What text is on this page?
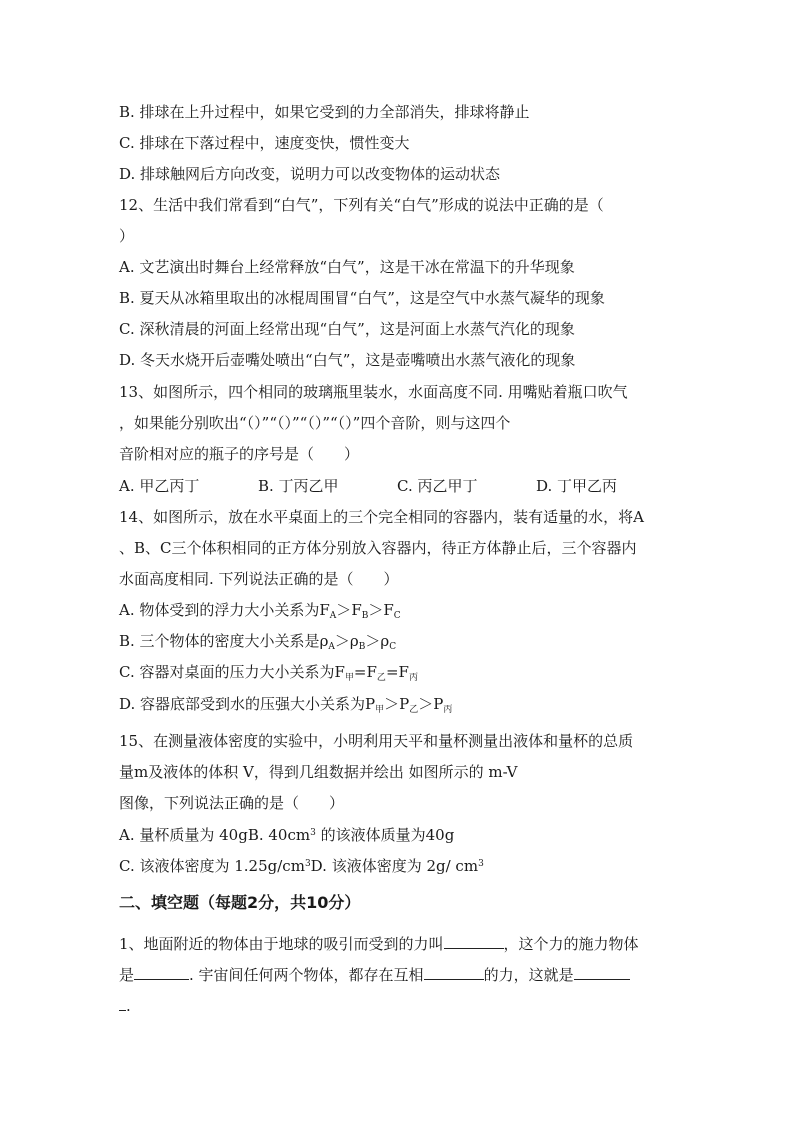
B. 排球在上升过程中，如果它受到的力全部消失，排球将静止
C. 排球在下落过程中，速度变快，惯性变大
D. 排球触网后方向改变，说明力可以改变物体的运动状态
12、生活中我们常看到“白气”，下列有关“白气”形成的说法中正确的是（
）
A. 文艺演出时舞台上经常释放“白气”，这是干冰在常温下的升华现象
B. 夏天从冰箱里取出的冰棍周围冒“白气”，这是空气中水蒸气凝华的现象
C. 深秋清晨的河面上经常出现“白气”，这是河面上水蒸气汽化的现象
D. 冬天水烧开后壶嘴处喷出“白气”，这是壶嘴喷出水蒸气液化的现象
13、如图所示，四个相同的玻璃瓶里装水，水面高度不同. 用嘴贴着瓶口吹气
，如果能分别吹出“（）”“（）”“（）”“（）”四个音阶，则与这四个
音阶相对应的瓶子的序号是（　　）
A. 甲乙丙丁	B. 丁丙乙甲	C. 丙乙甲丁	D. 丁甲乙丙
14、如图所示，放在水平桌面上的三个完全相同的容器内，装有适量的水，将A
、B、C三个体积相同的正方体分别放入容器内，待正方体静止后，三个容器内
水面高度相同. 下列说法正确的是（　　）
A. 物体受到的浮力大小关系为$F_A>F_B>F_C$
B. 三个物体的密度大小关系是$\rho_A>\rho_B>\rho_C$
C. 容器对桌面的压力大小关系为$F_甲=F_乙=F_丙$
D. 容器底部受到水的压强大小关系为$P_甲>P_乙>P_丙$
15、在测量液体密度的实验中，小明利用天平和量杯测量出液体和量杯的总质
量m及液体的体积 V，得到几组数据并绘出 如图所示的 m-V
图像，下列说法正确的是（　　）
A. 量杯质量为 40gB. $40cm^3$ 的该液体质量为40g
C. 该液体密度为 $1.25g/cm^3D$. 该液体密度为 2g/ $cm^3$
二、填空题（每题2分，共10分）
1、地面附近的物体由于地球的吸引而受到的力叫	，这个力的施力物体
是	. 宇宙间任何两个物体，都存在互相	的力，这就是
.
